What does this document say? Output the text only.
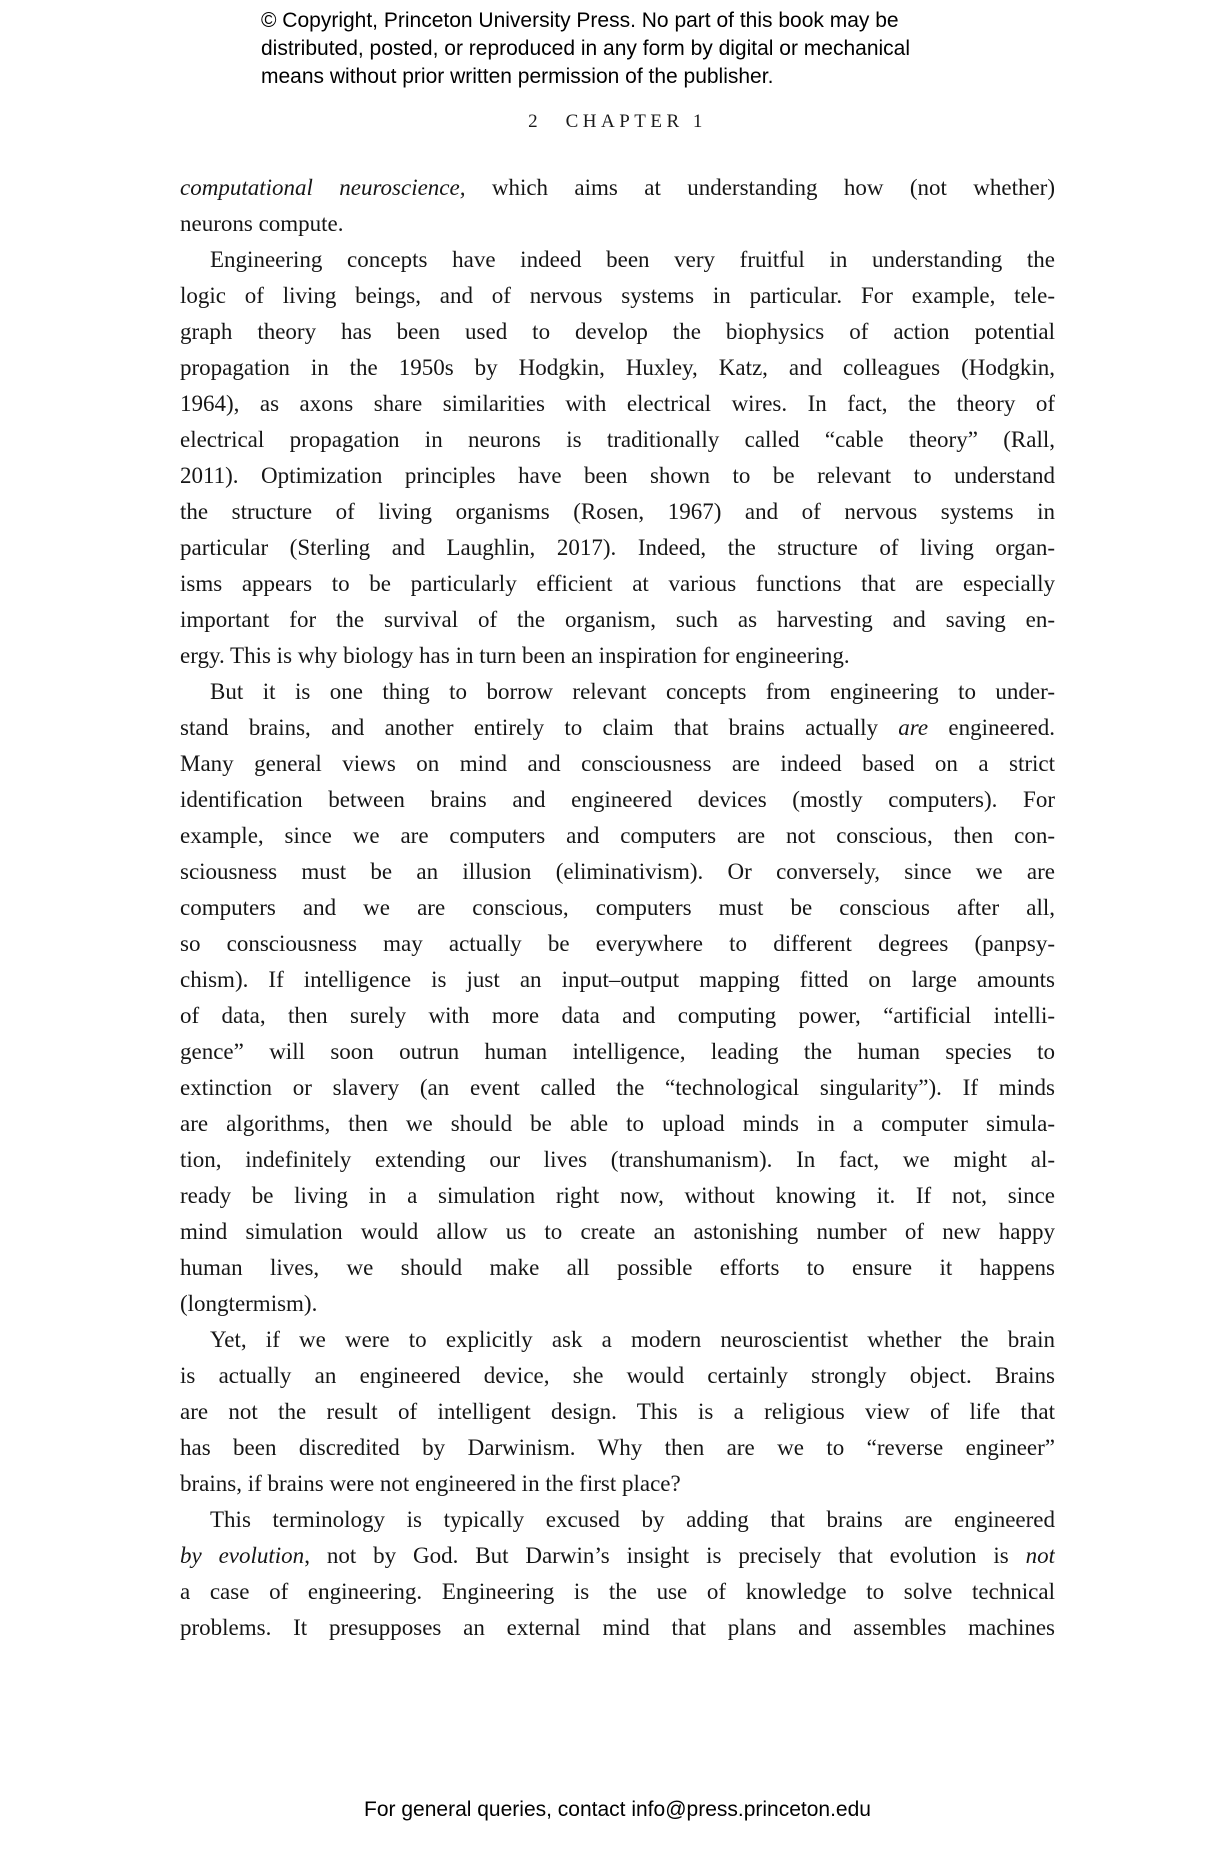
© Copyright, Princeton University Press. No part of this book may be
distributed, posted, or reproduced in any form by digital or mechanical
means without prior written permission of the publisher.
2 CHAPTER 1
computational neuroscience, which aims at understanding how (not whether)
neurons compute.
Engineering concepts have indeed been very fruitful in understanding the
logic of living beings, and of nervous systems in particular. For example, tele-
graph theory has been used to develop the biophysics of action potential
propagation in the 1950s by Hodgkin, Huxley, Katz, and colleagues (Hodgkin,
1964), as axons share similarities with electrical wires. In fact, the theory of
electrical propagation in neurons is traditionally called “cable theory” (Rall,
2011). Optimization principles have been shown to be relevant to understand
the structure of living organisms (Rosen, 1967) and of nervous systems in
particular (Sterling and Laughlin, 2017). Indeed, the structure of living organ-
isms appears to be particularly efficient at various functions that are especially
important for the survival of the organism, such as harvesting and saving en-
ergy. This is why biology has in turn been an inspiration for engineering.
But it is one thing to borrow relevant concepts from engineering to under-
stand brains, and another entirely to claim that brains actually are engineered.
Many general views on mind and consciousness are indeed based on a strict
identification between brains and engineered devices (mostly computers). For
example, since we are computers and computers are not conscious, then con-
sciousness must be an illusion (eliminativism). Or conversely, since we are
computers and we are conscious, computers must be conscious after all,
so consciousness may actually be everywhere to different degrees (panpsy-
chism). If intelligence is just an input–output mapping fitted on large amounts
of data, then surely with more data and computing power, “artificial intelli-
gence” will soon outrun human intelligence, leading the human species to
extinction or slavery (an event called the “technological singularity”). If minds
are algorithms, then we should be able to upload minds in a computer simula-
tion, indefinitely extending our lives (transhumanism). In fact, we might al-
ready be living in a simulation right now, without knowing it. If not, since
mind simulation would allow us to create an astonishing number of new happy
human lives, we should make all possible efforts to ensure it happens
(longtermism).
Yet, if we were to explicitly ask a modern neuroscientist whether the brain
is actually an engineered device, she would certainly strongly object. Brains
are not the result of intelligent design. This is a religious view of life that
has been discredited by Darwinism. Why then are we to “reverse engineer”
brains, if brains were not engineered in the first place?
This terminology is typically excused by adding that brains are engineered
by evolution, not by God. But Darwin’s insight is precisely that evolution is not
a case of engineering. Engineering is the use of knowledge to solve technical
problems. It presupposes an external mind that plans and assembles machines
For general queries, contact info@press.princeton.edu
